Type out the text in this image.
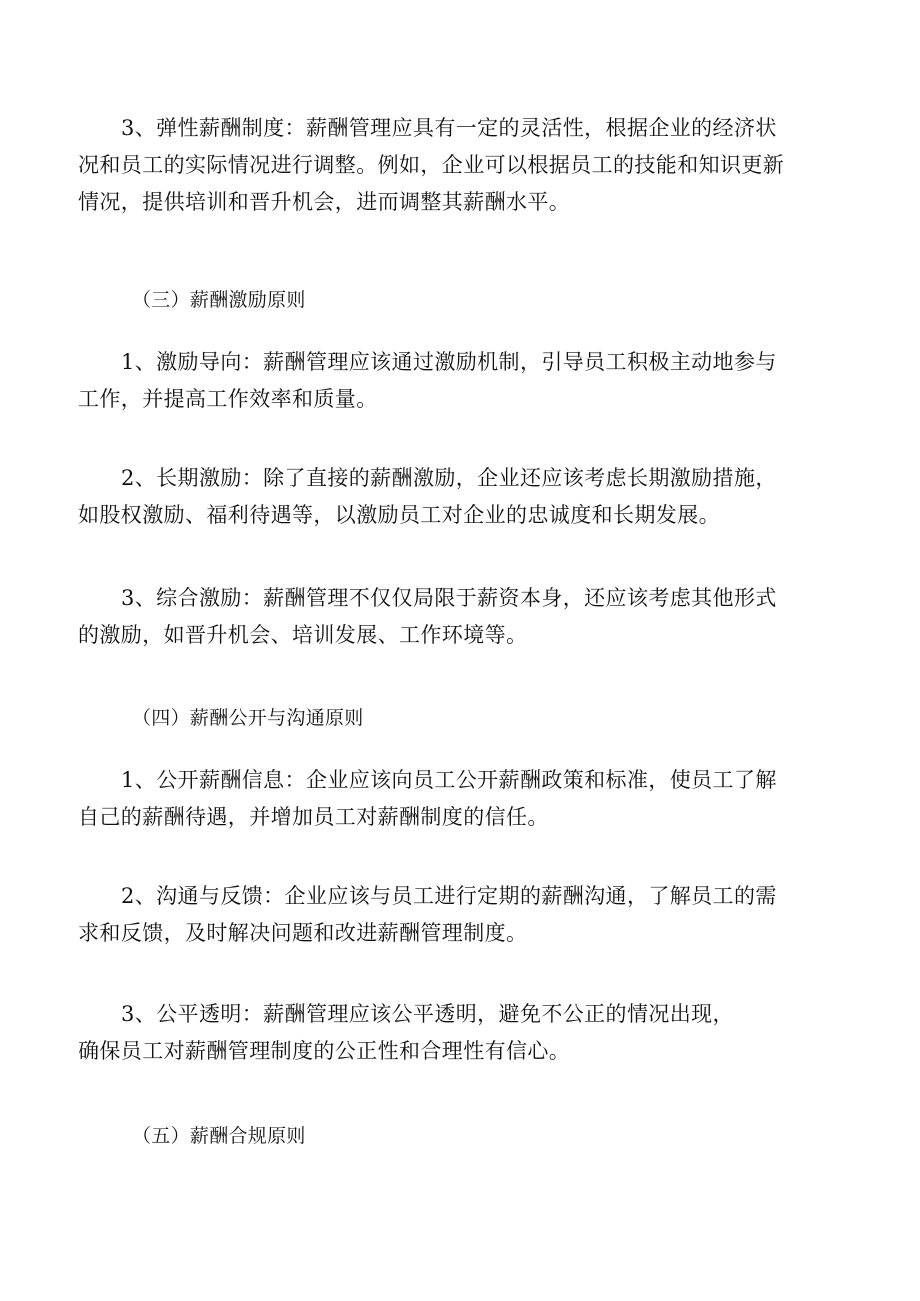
3、弹性薪酬制度：薪酬管理应具有一定的灵活性，根据企业的经济状
况和员工的实际情况进行调整。例如，企业可以根据员工的技能和知识更新
情况，提供培训和晋升机会，进而调整其薪酬水平。

（三）薪酬激励原则

1、激励导向：薪酬管理应该通过激励机制，引导员工积极主动地参与
工作，并提高工作效率和质量。

2、长期激励：除了直接的薪酬激励，企业还应该考虑长期激励措施，
如股权激励、福利待遇等，以激励员工对企业的忠诚度和长期发展。

3、综合激励：薪酬管理不仅仅局限于薪资本身，还应该考虑其他形式
的激励，如晋升机会、培训发展、工作环境等。

（四）薪酬公开与沟通原则

1、公开薪酬信息：企业应该向员工公开薪酬政策和标准，使员工了解
自己的薪酬待遇，并增加员工对薪酬制度的信任。

2、沟通与反馈：企业应该与员工进行定期的薪酬沟通，了解员工的需
求和反馈，及时解决问题和改进薪酬管理制度。

3、公平透明：薪酬管理应该公平透明，避免不公正的情况出现，
确保员工对薪酬管理制度的公正性和合理性有信心。

（五）薪酬合规原则
